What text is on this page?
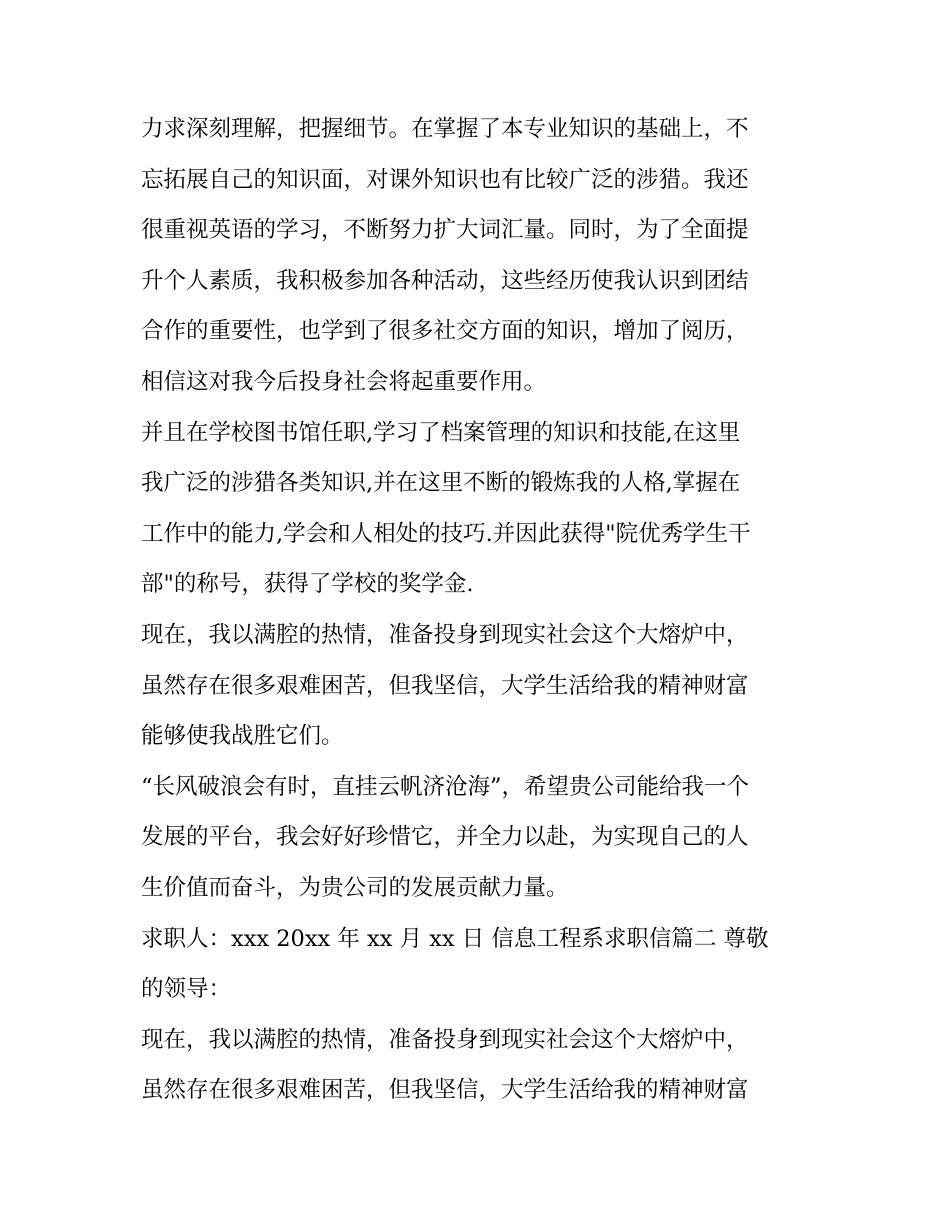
力求深刻理解，把握细节。在掌握了本专业知识的基础上，不
忘拓展自己的知识面，对课外知识也有比较广泛的涉猎。我还
很重视英语的学习，不断努力扩大词汇量。同时，为了全面提
升个人素质，我积极参加各种活动，这些经历使我认识到团结
合作的重要性，也学到了很多社交方面的知识，增加了阅历，
相信这对我今后投身社会将起重要作用。

并且在学校图书馆任职,学习了档案管理的知识和技能,在这里
我广泛的涉猎各类知识,并在这里不断的锻炼我的人格,掌握在
工作中的能力,学会和人相处的技巧.并因此获得"院优秀学生干
部"的称号，获得了学校的奖学金.

现在，我以满腔的热情，准备投身到现实社会这个大熔炉中，
虽然存在很多艰难困苦，但我坚信，大学生活给我的精神财富
能够使我战胜它们。

“长风破浪会有时，直挂云帆济沧海”，希望贵公司能给我一个
发展的平台，我会好好珍惜它，并全力以赴，为实现自己的人
生价值而奋斗，为贵公司的发展贡献力量。

求职人：xxx 20xx 年 xx 月 xx 日 信息工程系求职信篇二 尊敬
的领导：

现在，我以满腔的热情，准备投身到现实社会这个大熔炉中，
虽然存在很多艰难困苦，但我坚信，大学生活给我的精神财富
